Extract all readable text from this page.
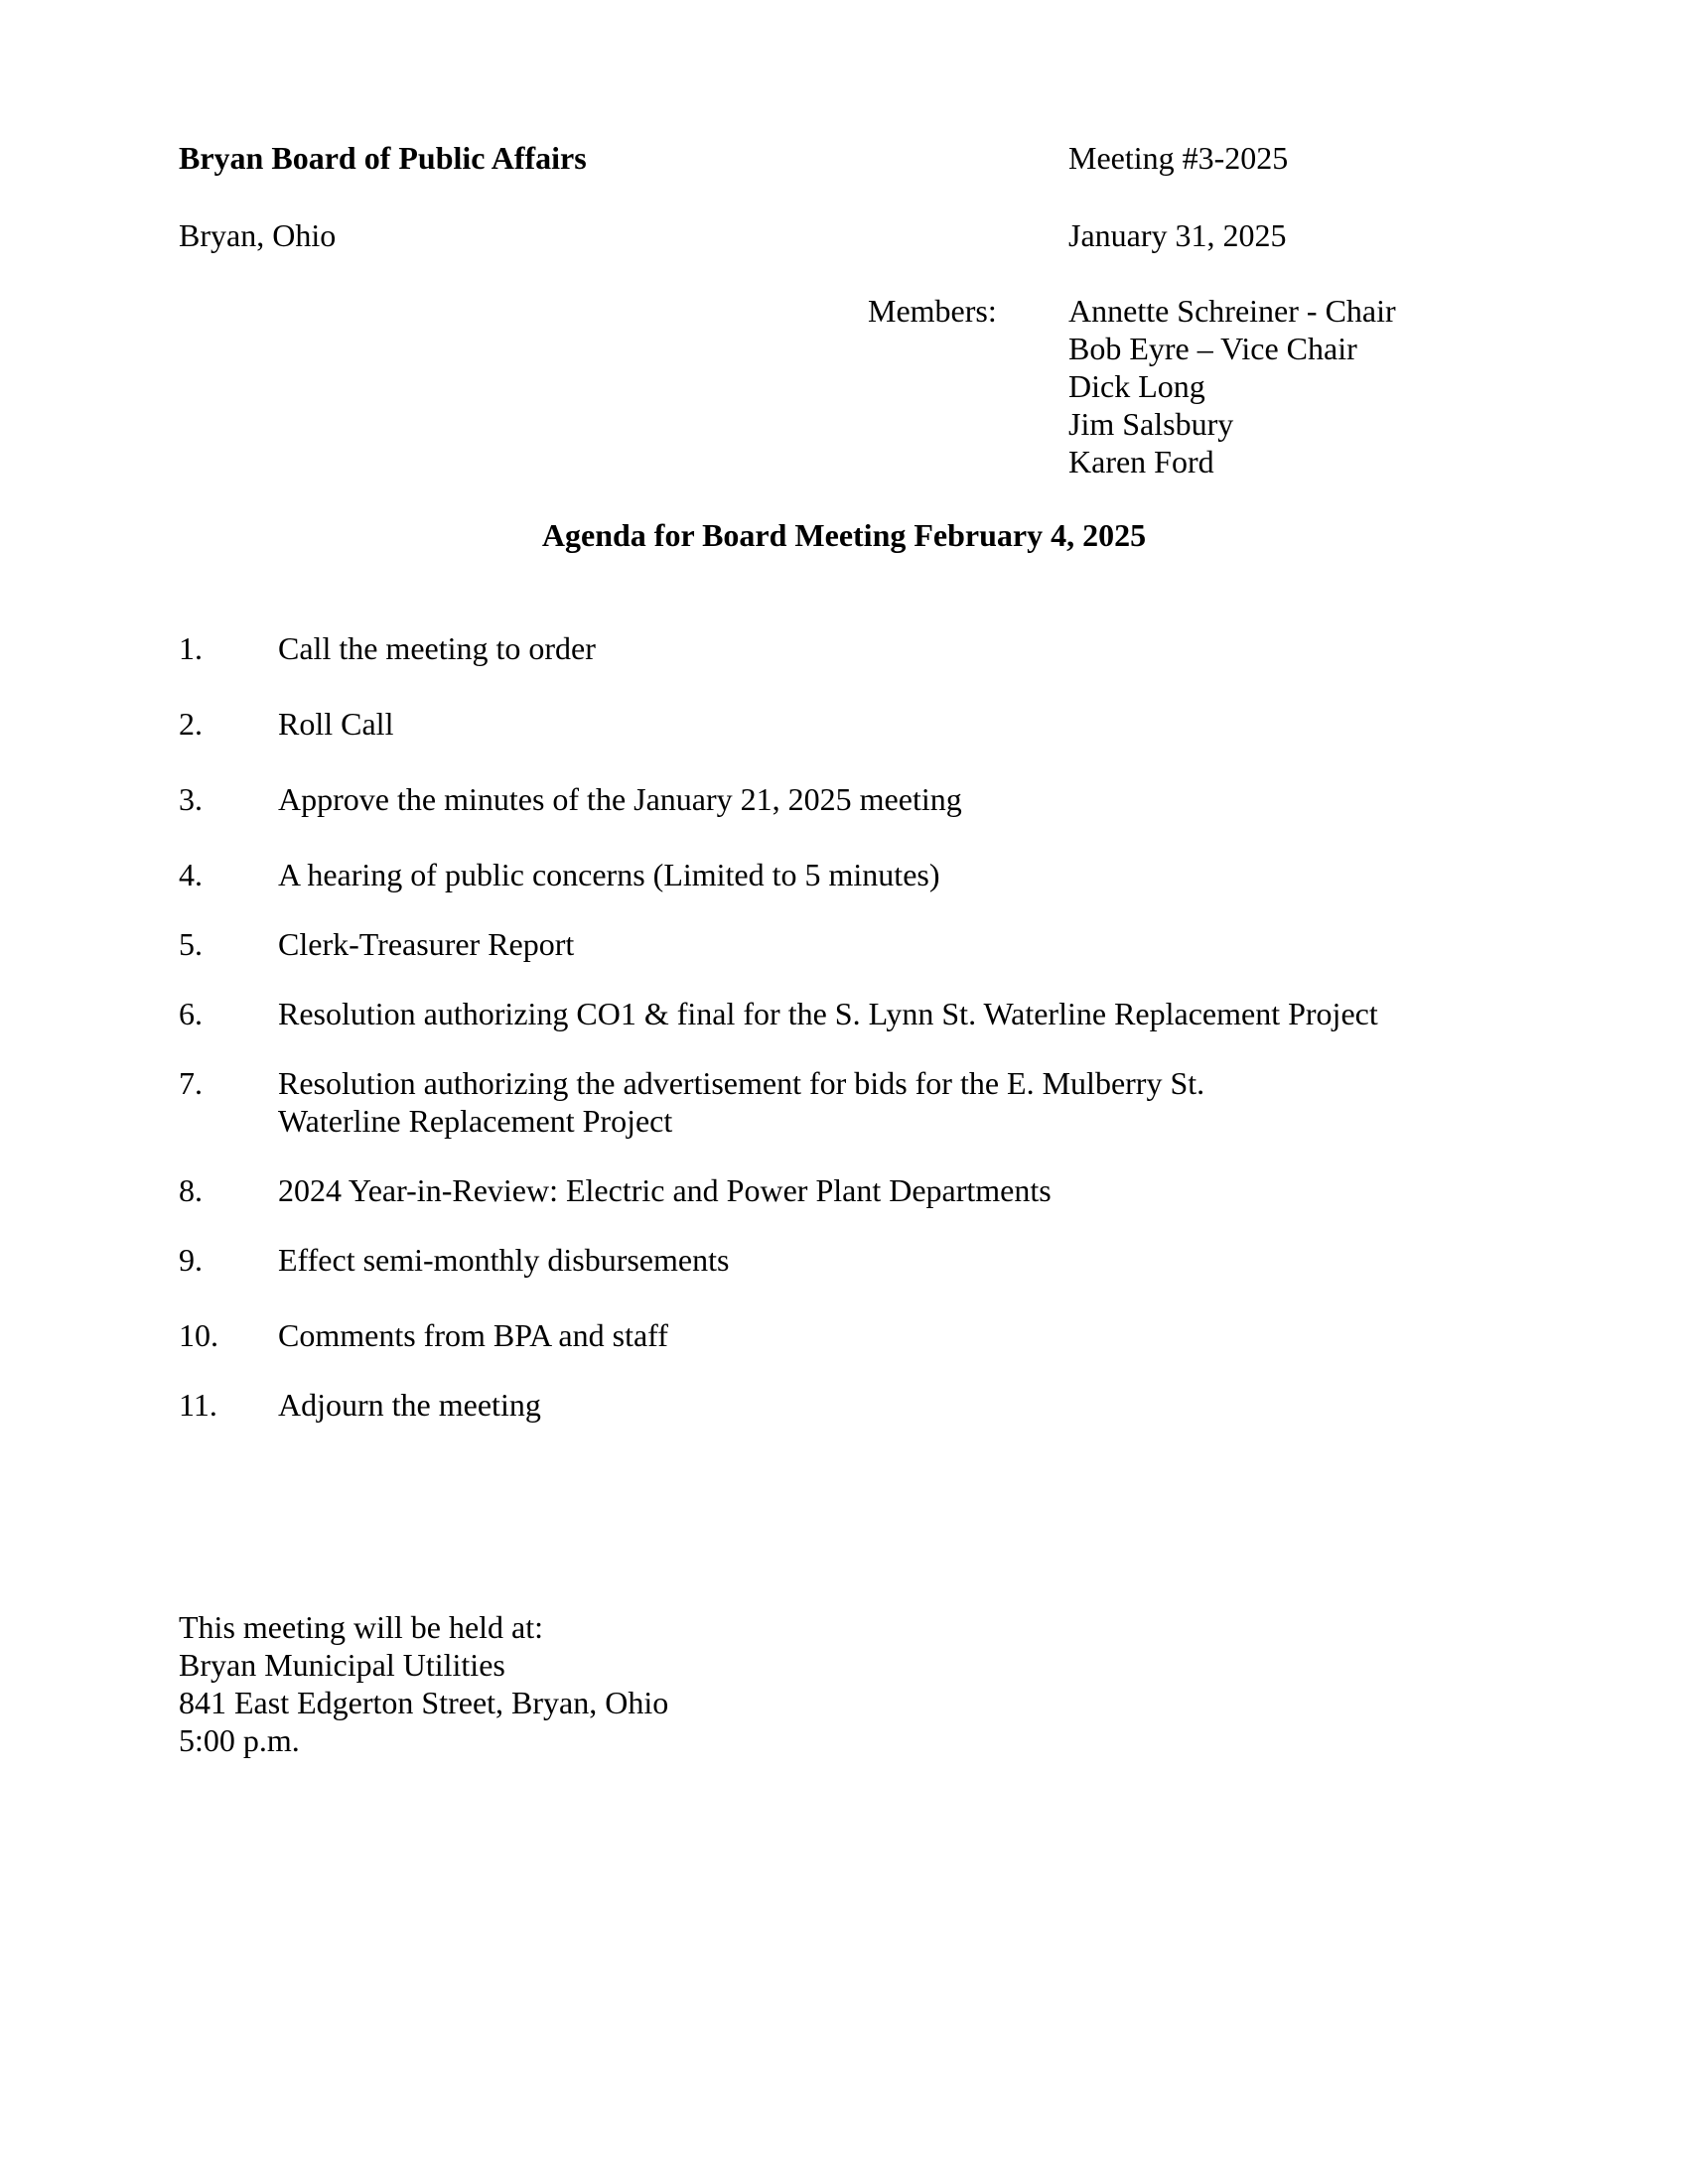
Bryan Board of Public Affairs	Meeting #3-2025
Bryan, Ohio	January 31, 2025
Members: Annette Schreiner - Chair
Bob Eyre – Vice Chair
Dick Long
Jim Salsbury
Karen Ford
Agenda for Board Meeting February 4, 2025
1. Call the meeting to order
2. Roll Call
3. Approve the minutes of the January 21, 2025 meeting
4. A hearing of public concerns (Limited to 5 minutes)
5. Clerk-Treasurer Report
6. Resolution authorizing CO1 & final for the S. Lynn St. Waterline Replacement Project
7. Resolution authorizing the advertisement for bids for the E. Mulberry St. Waterline Replacement Project
8. 2024 Year-in-Review: Electric and Power Plant Departments
9. Effect semi-monthly disbursements
10. Comments from BPA and staff
11. Adjourn the meeting
This meeting will be held at:
Bryan Municipal Utilities
841 East Edgerton Street, Bryan, Ohio
5:00 p.m.
